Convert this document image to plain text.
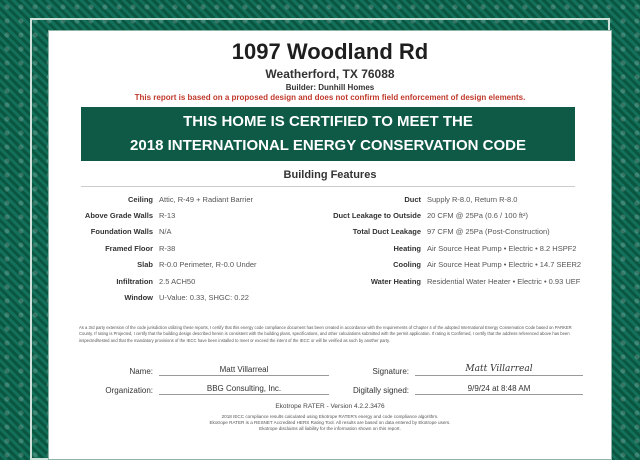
1097 Woodland Rd
Weatherford, TX 76088
Builder: Dunhill Homes
This report is based on a proposed design and does not confirm field enforcement of design elements.
THIS HOME IS CERTIFIED TO MEET THE
2018 INTERNATIONAL ENERGY CONSERVATION CODE
Building Features
Ceiling Attic, R-49 + Radiant Barrier
Above Grade Walls R-13
Foundation Walls N/A
Framed Floor R-38
Slab R-0.0 Perimeter, R-0.0 Under
Infiltration 2.5 ACH50
Window U-Value: 0.33, SHGC: 0.22
Duct Supply R-8.0, Return R-8.0
Duct Leakage to Outside 20 CFM @ 25Pa (0.6 / 100 ft²)
Total Duct Leakage 97 CFM @ 25Pa (Post-Construction)
Heating Air Source Heat Pump • Electric • 8.2 HSPF2
Cooling Air Source Heat Pump • Electric • 14.7 SEER2
Water Heating Residential Water Heater • Electric • 0.93 UEF
As a 3rd party extension of the code jurisdiction utilizing these reports, I certify that this energy code compliance document has been created in accordance with the requirements of Chapter 4 of the adopted International Energy Conservation Code based on PARKER County. If rating is Projected, I certify that the building design described herein is consistent with the building plans, specifications, and other calculations submitted with the permit application. If rating is Confirmed, I certify that the address referenced above has been inspected/tested and that the mandatory provisions of the IECC have been installed to meet or exceed the intent of the IECC or will be verified as such by another party.
Name:	Matt Villarreal	Signature:	Matt Villarreal
Organization:	BBG Consulting, Inc.	Digitally signed:	9/9/24 at 8:48 AM
Ekotrope RATER - Version 4.2.2.3476
2018 IECC compliance results calculated using Ekotrope RATER's energy and code compliance algorithm.
Ekotrope RATER is a RESNET Accredited HERS Rating Tool. All results are based on data entered by Ekotrope users.
Ekotrope disclaims all liability for the information shown on this report.
